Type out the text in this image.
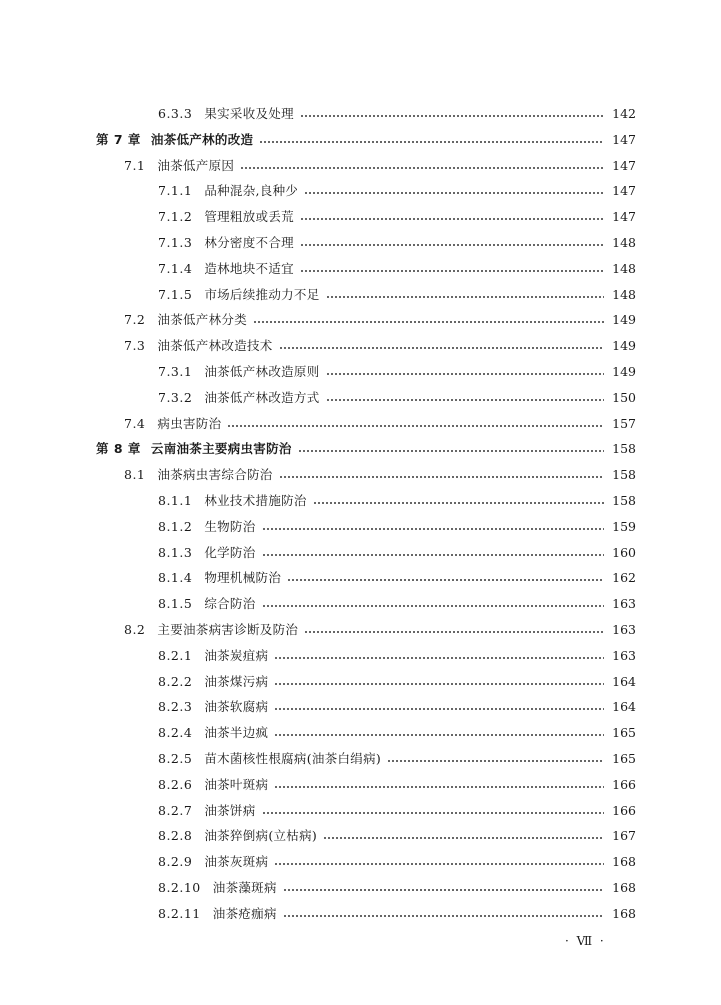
6.3.3 果实采收及处理	142
第 7 章 油茶低产林的改造	147
7.1 油茶低产原因	147
7.1.1 品种混杂,良种少	147
7.1.2 管理粗放或丢荒	147
7.1.3 林分密度不合理	148
7.1.4 造林地块不适宜	148
7.1.5 市场后续推动力不足	148
7.2 油茶低产林分类	149
7.3 油茶低产林改造技术	149
7.3.1 油茶低产林改造原则	149
7.3.2 油茶低产林改造方式	150
7.4 病虫害防治	157
第 8 章 云南油茶主要病虫害防治	158
8.1 油茶病虫害综合防治	158
8.1.1 林业技术措施防治	158
8.1.2 生物防治	159
8.1.3 化学防治	160
8.1.4 物理机械防治	162
8.1.5 综合防治	163
8.2 主要油茶病害诊断及防治	163
8.2.1 油茶炭疽病	163
8.2.2 油茶煤污病	164
8.2.3 油茶软腐病	164
8.2.4 油茶半边疯	165
8.2.5 苗木菌核性根腐病(油茶白绢病)	165
8.2.6 油茶叶斑病	166
8.2.7 油茶饼病	166
8.2.8 油茶猝倒病(立枯病)	167
8.2.9 油茶灰斑病	168
8.2.10 油茶藻斑病	168
8.2.11 油茶疮痂病	168
· Ⅶ ·
